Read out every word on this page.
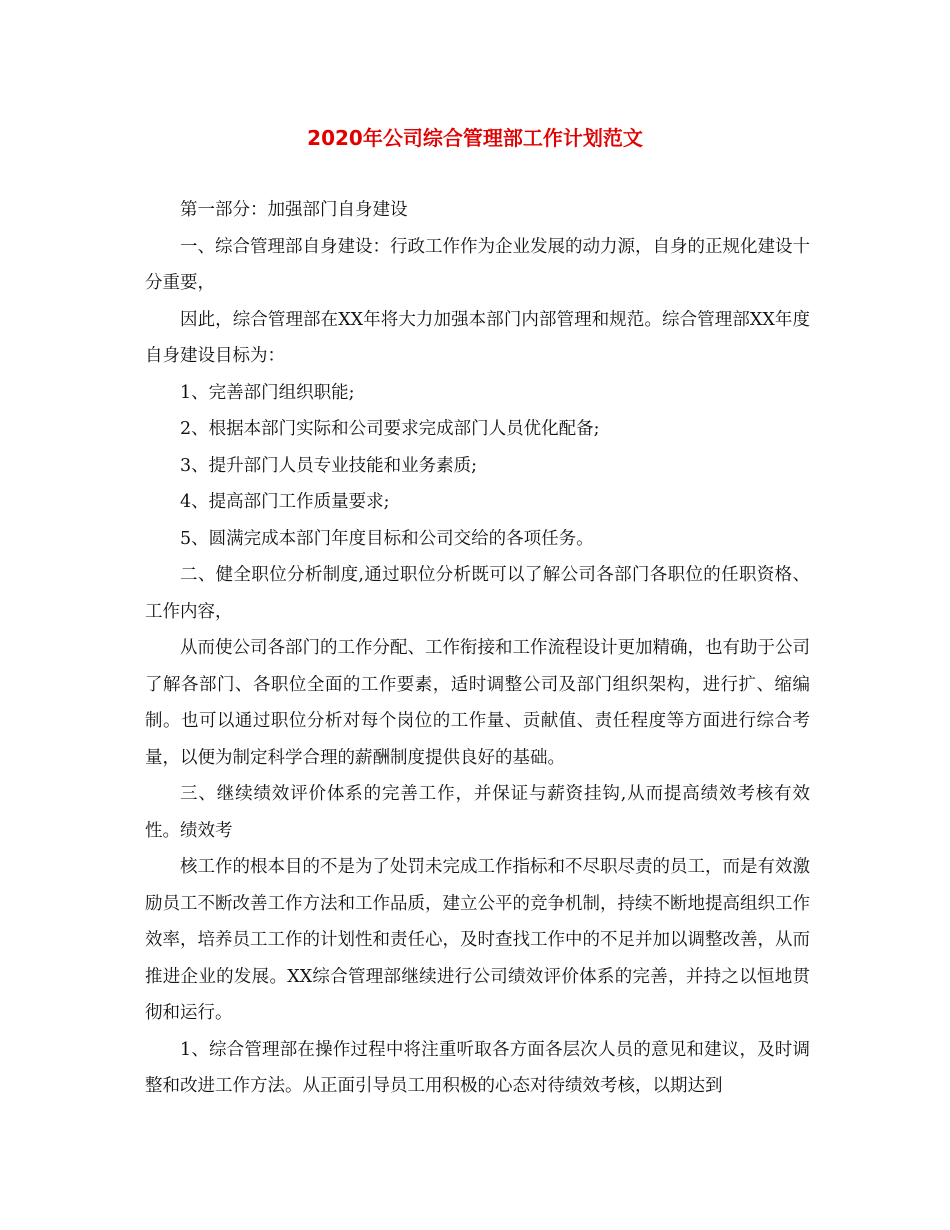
2020年公司综合管理部工作计划范文

第一部分：加强部门自身建设

一、综合管理部自身建设：行政工作作为企业发展的动力源，自身的正规化建设十分重要，

因此，综合管理部在XX年将大力加强本部门内部管理和规范。综合管理部XX年度自身建设目标为：

1、完善部门组织职能;

2、根据本部门实际和公司要求完成部门人员优化配备;

3、提升部门人员专业技能和业务素质;

4、提高部门工作质量要求;

5、圆满完成本部门年度目标和公司交给的各项任务。

二、健全职位分析制度,通过职位分析既可以了解公司各部门各职位的任职资格、工作内容，

从而使公司各部门的工作分配、工作衔接和工作流程设计更加精确，也有助于公司了解各部门、各职位全面的工作要素，适时调整公司及部门组织架构，进行扩、缩编制。也可以通过职位分析对每个岗位的工作量、贡献值、责任程度等方面进行综合考量，以便为制定科学合理的薪酬制度提供良好的基础。

三、继续绩效评价体系的完善工作，并保证与薪资挂钩,从而提高绩效考核有效性。绩效考

核工作的根本目的不是为了处罚未完成工作指标和不尽职尽责的员工，而是有效激励员工不断改善工作方法和工作品质，建立公平的竞争机制，持续不断地提高组织工作效率，培养员工工作的计划性和责任心，及时查找工作中的不足并加以调整改善，从而推进企业的发展。XX综合管理部继续进行公司绩效评价体系的完善，并持之以恒地贯彻和运行。

1、综合管理部在操作过程中将注重听取各方面各层次人员的意见和建议，及时调整和改进工作方法。从正面引导员工用积极的心态对待绩效考核，以期达到
